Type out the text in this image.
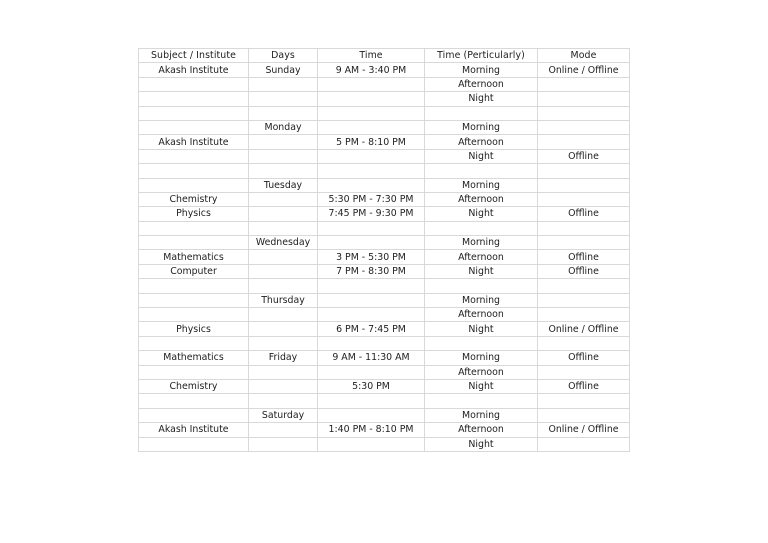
Subject / Institute	Days	Time	Time (Perticularly)	Mode
Akash Institute	Sunday	9 AM - 3:40 PM	Morning	Online / Offline
			Afternoon	
			Night	

	Monday		Morning	
Akash Institute		5 PM - 8:10 PM	Afternoon	
			Night	Offline

	Tuesday		Morning	
Chemistry		5:30 PM - 7:30 PM	Afternoon	
Physics		7:45 PM - 9:30 PM	Night	Offline

	Wednesday		Morning	
Mathematics		3 PM - 5:30 PM	Afternoon	Offline
Computer		7 PM - 8:30 PM	Night	Offline

	Thursday		Morning	
			Afternoon	
Physics		6 PM - 7:45 PM	Night	Online / Offline

Mathematics	Friday	9 AM - 11:30 AM	Morning	Offline
			Afternoon	
Chemistry		5:30 PM	Night	Offline

	Saturday		Morning	
Akash Institute		1:40 PM - 8:10 PM	Afternoon	Online / Offline
			Night	
